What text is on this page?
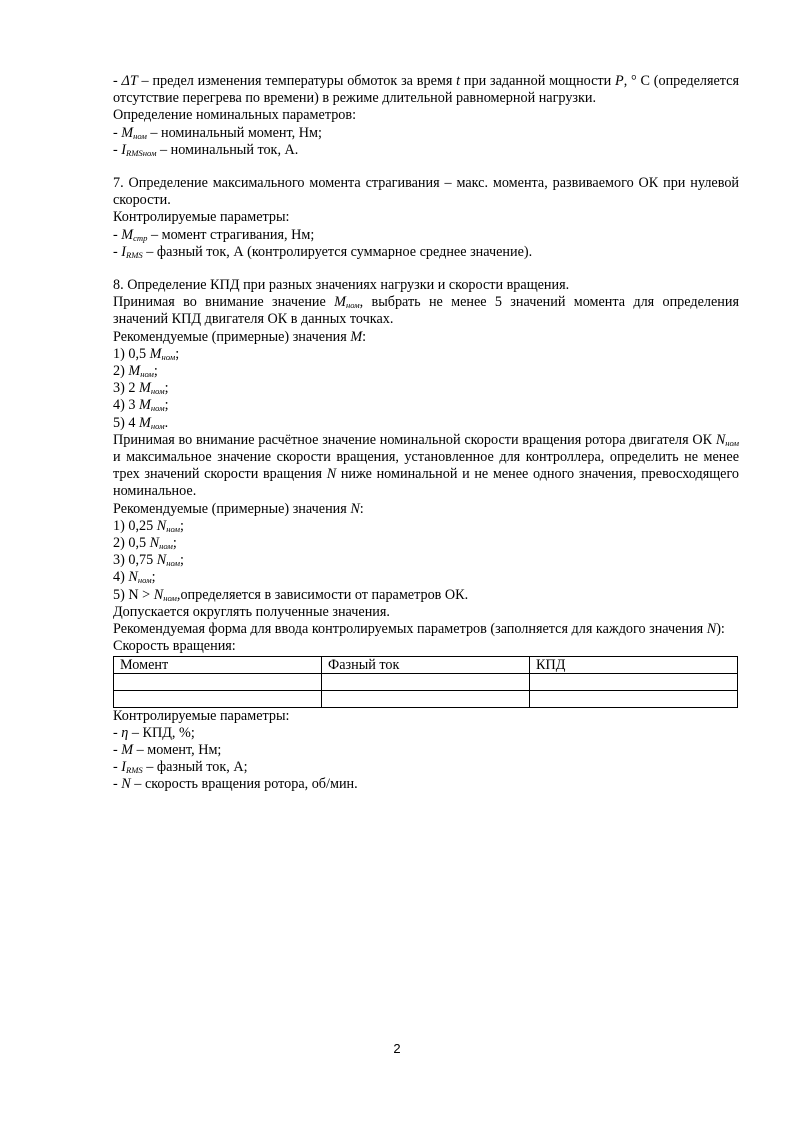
- ΔT – предел изменения температуры обмоток за время t при заданной мощности P, ° C (определяется отсутствие перегрева по времени) в режиме длительной равномерной нагрузки.

Определение номинальных параметров:

- $M_{ном}$ – номинальный момент, Нм;

- $I_{RMSном}$ – номинальный ток, А.

7. Определение максимального момента страгивания – макс. момента, развиваемого ОК при нулевой скорости.

Контролируемые параметры:

- $M_{стр}$ – момент страгивания, Нм;

- $I_{RMS}$ – фазный ток, А (контролируется суммарное среднее значение).

8. Определение КПД при разных значениях нагрузки и скорости вращения.

Принимая во внимание значение $M_{ном}$, выбрать не менее 5 значений момента для определения значений КПД двигателя ОК в данных точках.

Рекомендуемые (примерные) значения M:

1) 0,5 $M_{ном}$;

2) $M_{ном}$;

3) 2 $M_{ном}$;

4) 3 $M_{ном}$;

5) 4 $M_{ном}$.

Принимая во внимание расчётное значение номинальной скорости вращения ротора двигателя ОК $N_{ном}$ и максимальное значение скорости вращения, установленное для контроллера, определить не менее трех значений скорости вращения N ниже номинальной и не менее одного значения, превосходящего номинальное.

Рекомендуемые (примерные) значения N:

1) 0,25 $N_{ном}$;

2) 0,5 $N_{ном}$;

3) 0,75 $N_{ном}$;

4) $N_{ном}$;

5) $N > N_{ном},определяется$ в зависимости от параметров ОК.

Допускается округлять полученные значения.

Рекомендуемая форма для ввода контролируемых параметров (заполняется для каждого значения N):

Скорость вращения:

Момент	Фазный ток	КПД

Контролируемые параметры:

- η – КПД, %;

- M – момент, Нм;

- $I_{RMS}$ – фазный ток, А;

- N – скорость вращения ротора, об/мин.

2
